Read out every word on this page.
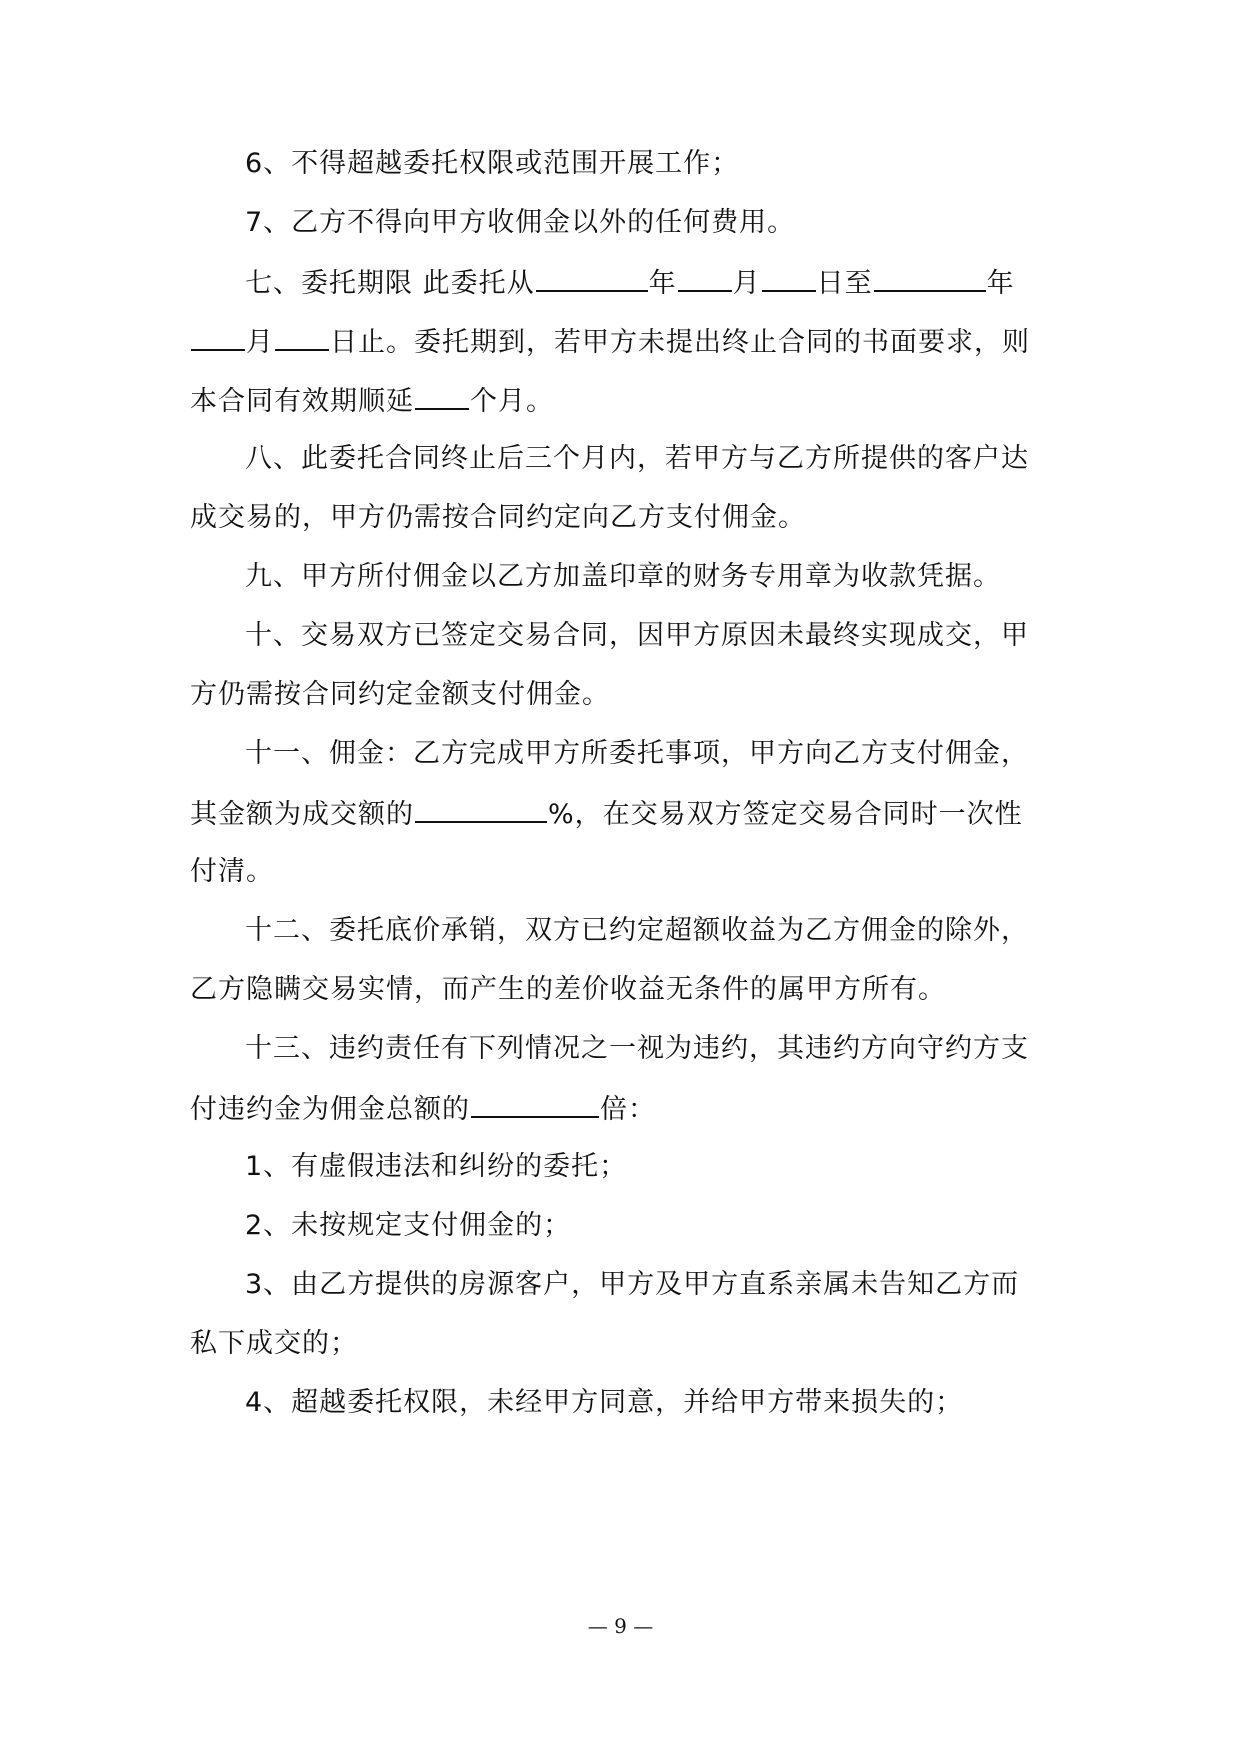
6、不得超越委托权限或范围开展工作；
7、乙方不得向甲方收佣金以外的任何费用。
七、委托期限 此委托从	年 月 日至	年
月 日止。委托期到，若甲方未提出终止合同的书面要求，则
本合同有效期顺延 个月。
八、此委托合同终止后三个月内，若甲方与乙方所提供的客户达
成交易的，甲方仍需按合同约定向乙方支付佣金。
九、甲方所付佣金以乙方加盖印章的财务专用章为收款凭据。
十、交易双方已签定交易合同，因甲方原因未最终实现成交，甲
方仍需按合同约定金额支付佣金。
十一、佣金：乙方完成甲方所委托事项，甲方向乙方支付佣金，
其金额为成交额的	%，在交易双方签定交易合同时一次性
付清。
十二、委托底价承销，双方已约定超额收益为乙方佣金的除外，
乙方隐瞒交易实情，而产生的差价收益无条件的属甲方所有。
十三、违约责任有下列情况之一视为违约，其违约方向守约方支
付违约金为佣金总额的	倍：
1、有虚假违法和纠纷的委托；
2、未按规定支付佣金的；
3、由乙方提供的房源客户，甲方及甲方直系亲属未告知乙方而
私下成交的；
4、超越委托权限，未经甲方同意，并给甲方带来损失的；
— 9 —
